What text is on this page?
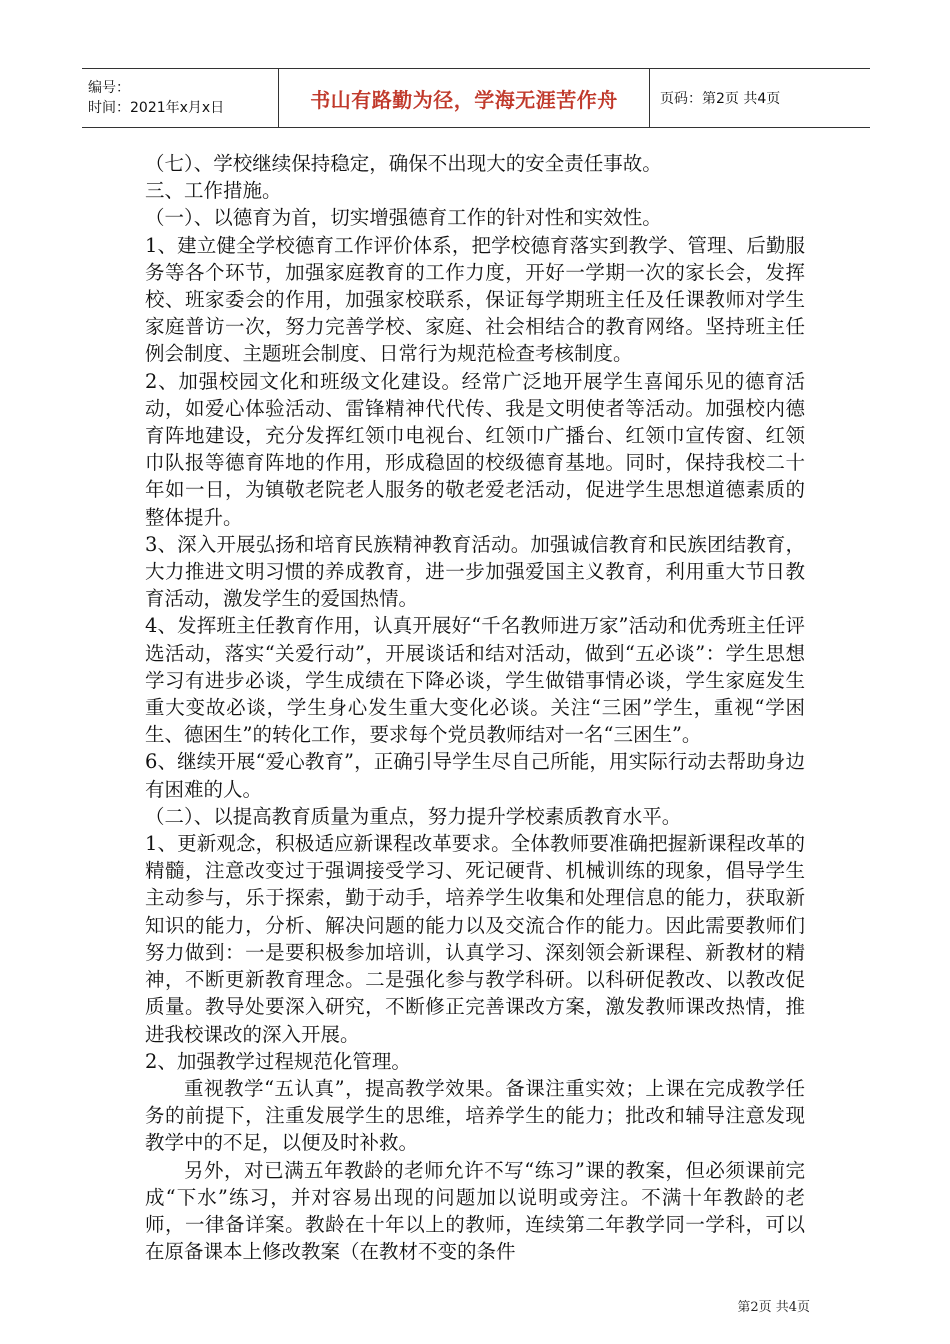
编号：
时间：2021年x月x日	书山有路勤为径，学海无涯苦作舟	页码：第2页 共4页

（七）、学校继续保持稳定，确保不出现大的安全责任事故。

三、工作措施。

（一）、以德育为首，切实增强德育工作的针对性和实效性。

1、建立健全学校德育工作评价体系，把学校德育落实到教学、管理、后勤服务等各个环节，加强家庭教育的工作力度，开好一学期一次的家长会，发挥校、班家委会的作用，加强家校联系，保证每学期班主任及任课教师对学生家庭普访一次，努力完善学校、家庭、社会相结合的教育网络。坚持班主任例会制度、主题班会制度、日常行为规范检查考核制度。

2、加强校园文化和班级文化建设。经常广泛地开展学生喜闻乐见的德育活动，如爱心体验活动、雷锋精神代代传、我是文明使者等活动。加强校内德育阵地建设，充分发挥红领巾电视台、红领巾广播台、红领巾宣传窗、红领巾队报等德育阵地的作用，形成稳固的校级德育基地。同时，保持我校二十年如一日，为镇敬老院老人服务的敬老爱老活动，促进学生思想道德素质的整体提升。

3、深入开展弘扬和培育民族精神教育活动。加强诚信教育和民族团结教育，大力推进文明习惯的养成教育，进一步加强爱国主义教育，利用重大节日教育活动，激发学生的爱国热情。

4、发挥班主任教育作用，认真开展好“千名教师进万家”活动和优秀班主任评选活动，落实“关爱行动”，开展谈话和结对活动，做到“五必谈”：学生思想学习有进步必谈，学生成绩在下降必谈，学生做错事情必谈，学生家庭发生重大变故必谈，学生身心发生重大变化必谈。关注“三困”学生，重视“学困生、德困生”的转化工作，要求每个党员教师结对一名“三困生”。

6、继续开展“爱心教育”，正确引导学生尽自己所能，用实际行动去帮助身边有困难的人。

（二）、以提高教育质量为重点，努力提升学校素质教育水平。

1、更新观念，积极适应新课程改革要求。全体教师要准确把握新课程改革的精髓，注意改变过于强调接受学习、死记硬背、机械训练的现象，倡导学生主动参与，乐于探索，勤于动手，培养学生收集和处理信息的能力，获取新知识的能力，分析、解决问题的能力以及交流合作的能力。因此需要教师们努力做到：一是要积极参加培训，认真学习、深刻领会新课程、新教材的精神，不断更新教育理念。二是强化参与教学科研。以科研促教改、以教改促质量。教导处要深入研究，不断修正完善课改方案，激发教师课改热情，推进我校课改的深入开展。

2、加强教学过程规范化管理。

重视教学“五认真”，提高教学效果。备课注重实效；上课在完成教学任务的前提下，注重发展学生的思维，培养学生的能力；批改和辅导注意发现教学中的不足，以便及时补救。

另外，对已满五年教龄的老师允许不写“练习”课的教案，但必须课前完成“下水”练习，并对容易出现的问题加以说明或旁注。不满十年教龄的老师，一律备详案。教龄在十年以上的教师，连续第二年教学同一学科，可以在原备课本上修改教案（在教材不变的条件

第2页 共4页
